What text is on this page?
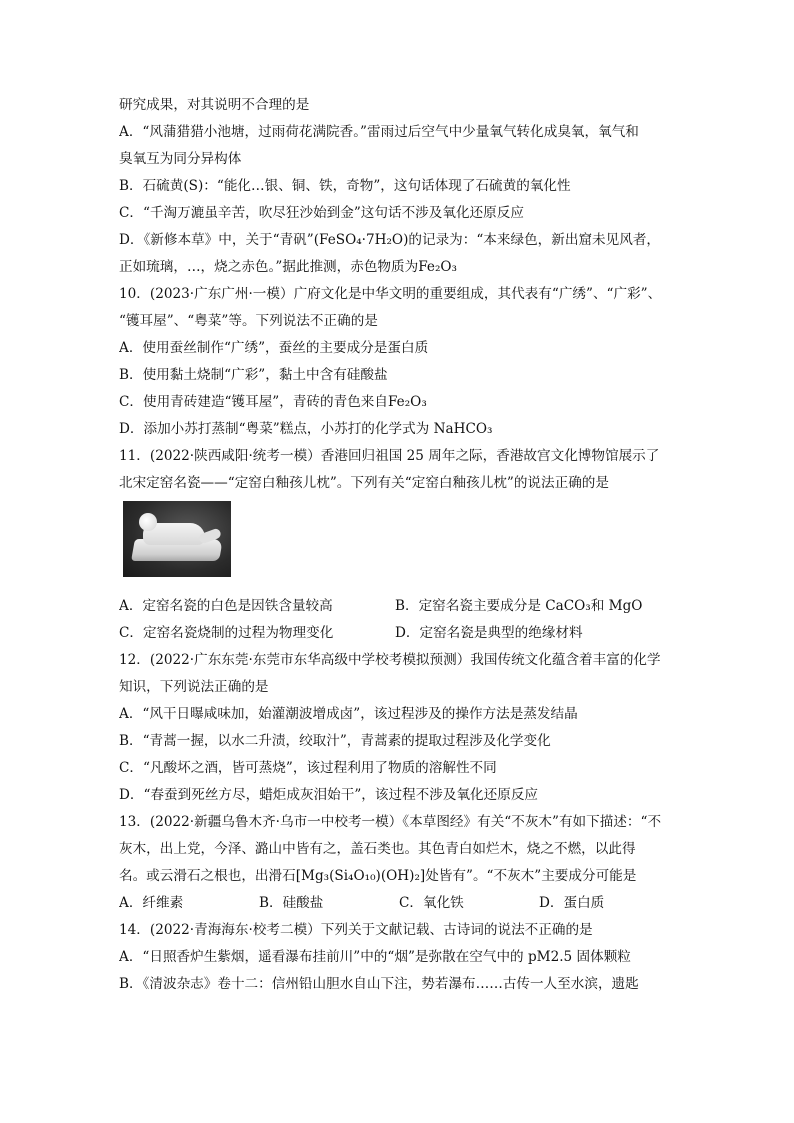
研究成果，对其说明不合理的是
A．“风蒲猎猎小池塘，过雨荷花满院香。”雷雨过后空气中少量氧气转化成臭氧，氧气和
臭氧互为同分异构体
B．石硫黄(S)：“能化…银、铜、铁，奇物”，这句话体现了石硫黄的氧化性
C．“千淘万漉虽辛苦，吹尽狂沙始到金”这句话不涉及氧化还原反应
D．《新修本草》中，关于“青矾”(FeSO₄·7H₂O)的记录为：“本来绿色，新出窟未见风者，
正如琉璃，…，烧之赤色。”据此推测，赤色物质为Fe₂O₃
10．(2023·广东广州·一模）广府文化是中华文明的重要组成，其代表有“广绣”、“广彩”、
“镬耳屋”、“粤菜”等。下列说法不正确的是
A．使用蚕丝制作“广绣”，蚕丝的主要成分是蛋白质
B．使用黏土烧制“广彩”，黏土中含有硅酸盐
C．使用青砖建造“镬耳屋”，青砖的青色来自Fe₂O₃
D．添加小苏打蒸制“粤菜”糕点，小苏打的化学式为 NaHCO₃
11．(2022·陕西咸阳·统考一模）香港回归祖国 25 周年之际，香港故宫文化博物馆展示了
北宋定窑名瓷——“定窑白釉孩儿枕”。下列有关“定窑白釉孩儿枕”的说法正确的是
A．定窑名瓷的白色是因铁含量较高	B．定窑名瓷主要成分是 CaCO₃和 MgO
C．定窑名瓷烧制的过程为物理变化	D．定窑名瓷是典型的绝缘材料
12．(2022·广东东莞·东莞市东华高级中学校考模拟预测）我国传统文化蕴含着丰富的化学
知识，下列说法正确的是
A．“风干日曝咸味加，始灌潮波增成卤”，该过程涉及的操作方法是蒸发结晶
B．“青蒿一握，以水二升渍，绞取汁”，青蒿素的提取过程涉及化学变化
C．“凡酸坏之酒，皆可蒸烧”，该过程利用了物质的溶解性不同
D．“春蚕到死丝方尽，蜡炬成灰泪始干”，该过程不涉及氧化还原反应
13．(2022·新疆乌鲁木齐·乌市一中校考一模）《本草图经》有关“不灰木”有如下描述：“不
灰木，出上党，今泽、潞山中皆有之，盖石类也。其色青白如烂木，烧之不燃，以此得
名。或云滑石之根也，出滑石[Mg₃(Si₄O₁₀)(OH)₂]处皆有”。“不灰木”主要成分可能是
A．纤维素	B．硅酸盐	C．氧化铁	D．蛋白质
14．(2022·青海海东·校考二模）下列关于文献记载、古诗词的说法不正确的是
A．“日照香炉生紫烟，遥看瀑布挂前川”中的“烟”是弥散在空气中的 pM2.5 固体颗粒
B．《清波杂志》卷十二：信州铅山胆水自山下注，势若瀑布……古传一人至水滨，遗匙
